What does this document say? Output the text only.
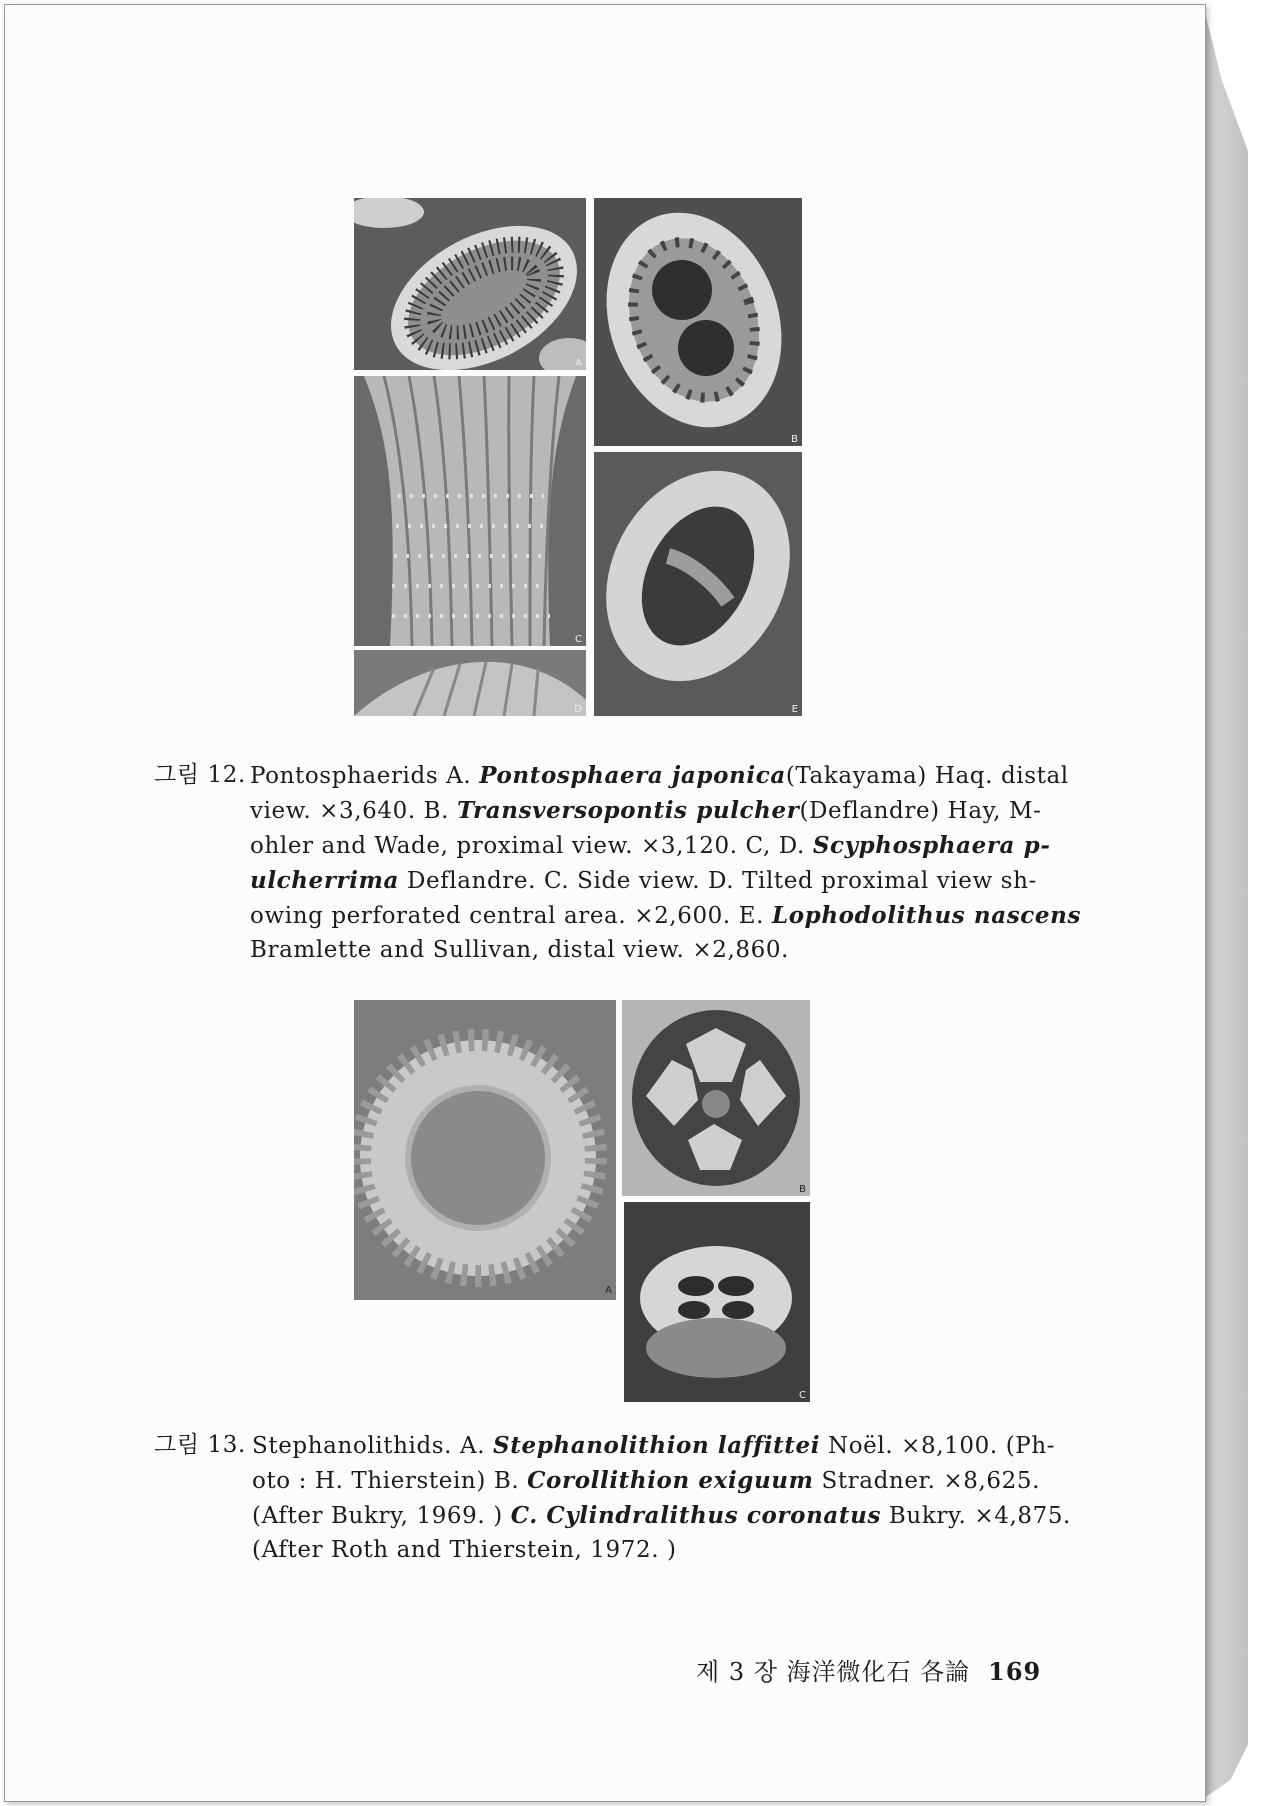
A
B
C
D	E
그림 12. Pontosphaerids A. Pontosphaera japonica(Takayama) Haq. distal
view. ×3,640. B. Transversopontis pulcher(Deflandre) Hay, M-
ohler and Wade, proximal view. ×3,120. C, D. Scyphosphaera p-
ulcherrima Deflandre. C. Side view. D. Tilted proximal view sh-
owing perforated central area. ×2,600. E. Lophodolithus nascens
Bramlette and Sullivan, distal view. ×2,860.
A
B
C
그림 13. Stephanolithids. A. Stephanolithion laffittei Noël. ×8,100. (Ph-
oto : H. Thierstein) B. Corollithion exiguum Stradner. ×8,625.
(After Bukry, 1969. ) C. Cylindralithus coronatus Bukry. ×4,875.
(After Roth and Thierstein, 1972. )
제 3 장 海洋微化石 各論 169
